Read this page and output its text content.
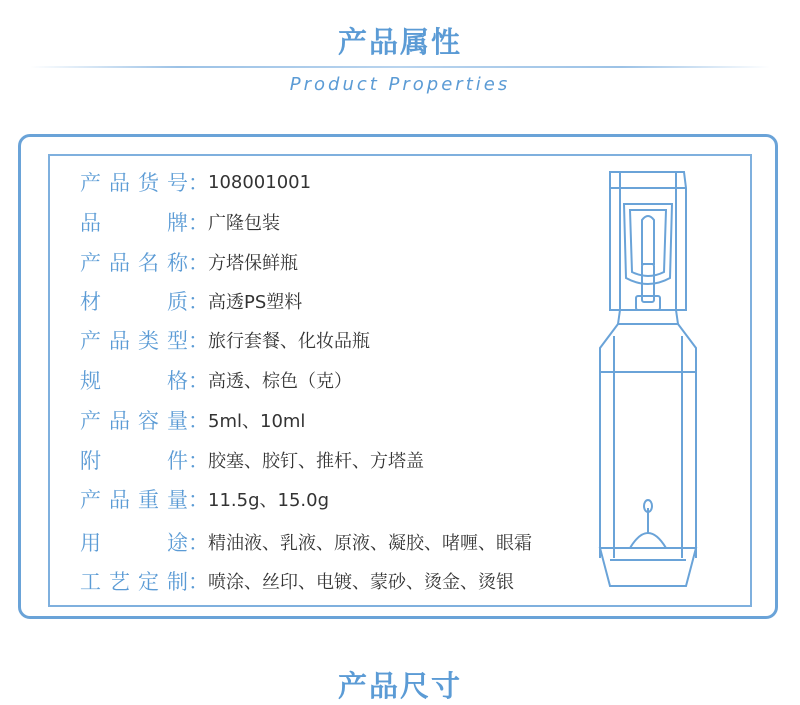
产品属性
Product Properties
产 品 货 号 ： 108001001
品	牌 ： 广隆包装
产 品 名 称 ： 方塔保鲜瓶
材	质 ： 高透PS塑料
产 品 类 型 ： 旅行套餐、化妆品瓶
规	格 ： 高透、棕色（克）
产 品 容 量 ： 5ml、10ml
附	件 ： 胶塞、胶钉、推杆、方塔盖
产 品 重 量 ： 11.5g、15.0g
用	途 ： 精油液、乳液、原液、凝胶、啫喱、眼霜
工 艺 定 制 ： 喷涂、丝印、电镀、蒙砂、烫金、烫银
产品尺寸
